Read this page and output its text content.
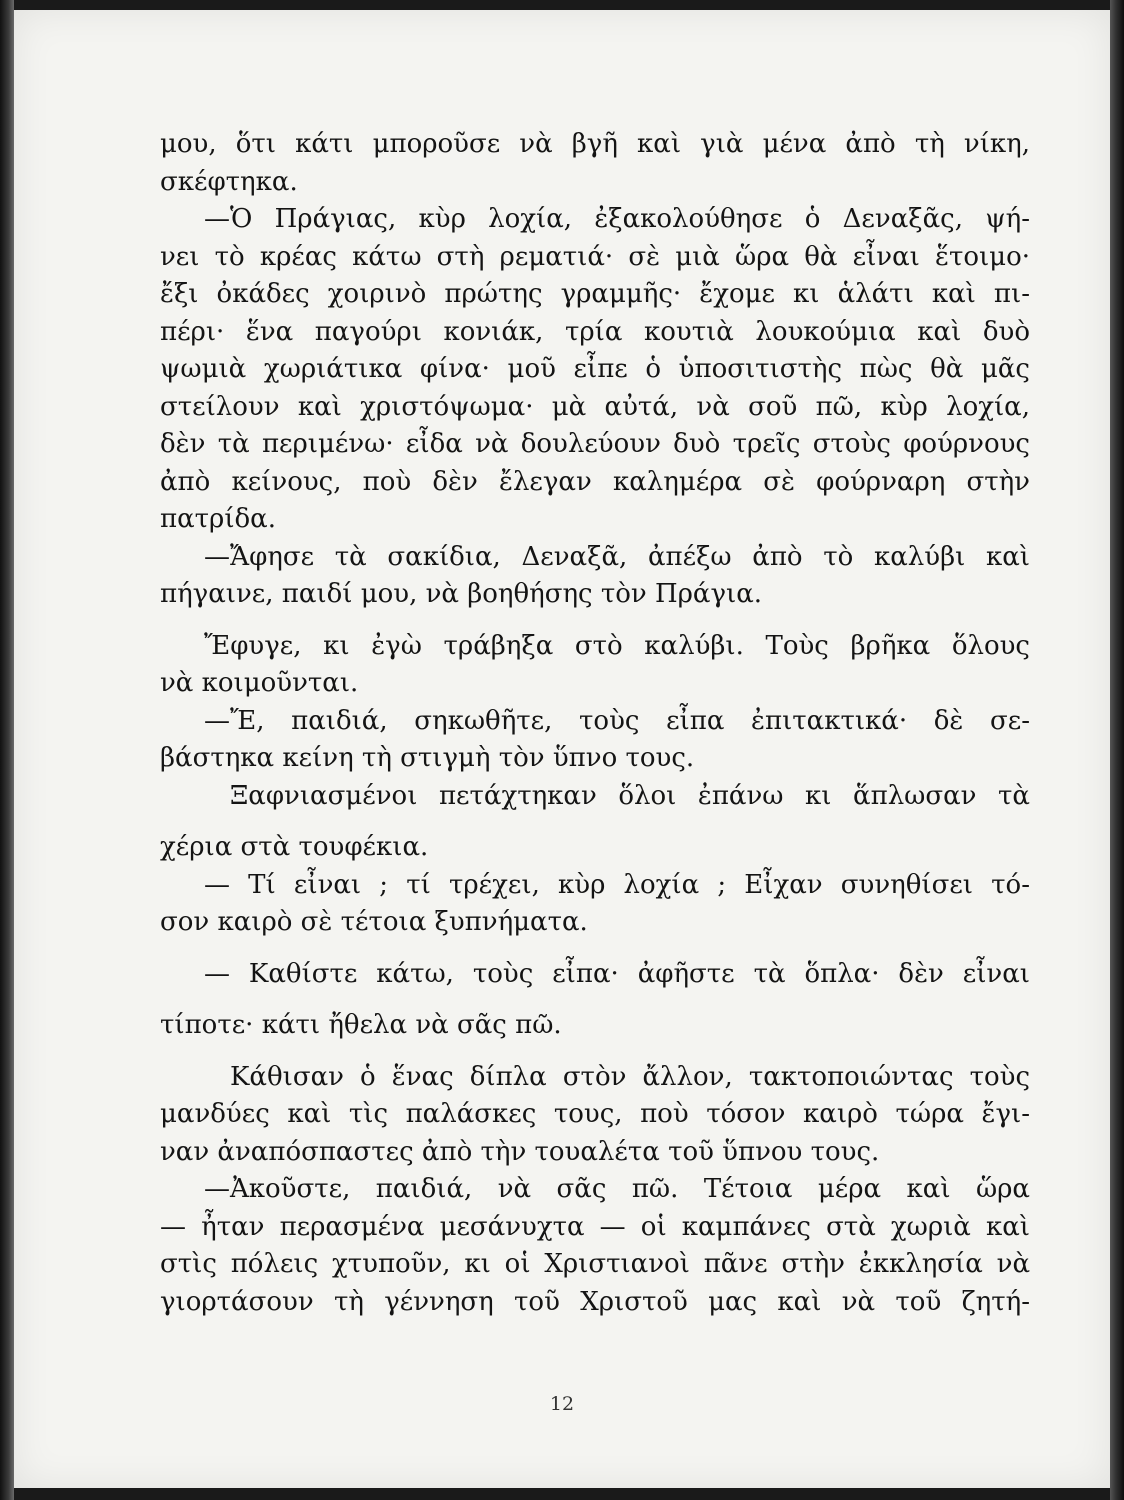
μου, ὅτι κάτι μποροῦσε νὰ βγῆ καὶ γιὰ μένα ἀπὸ τὴ νίκη,
σκέφτηκα.
—Ὁ Πράγιας, κὺρ λοχία, ἐξακολούθησε ὁ Δεναξᾶς, ψή-
νει τὸ κρέας κάτω στὴ ρεματιά· σὲ μιὰ ὥρα θὰ εἶναι ἕτοιμο·
ἔξι ὀκάδες χοιρινὸ πρώτης γραμμῆς· ἔχομε κι ἁλάτι καὶ πι-
πέρι· ἕνα παγούρι κονιάκ, τρία κουτιὰ λουκούμια καὶ δυὸ
ψωμιὰ χωριάτικα φίνα· μοῦ εἶπε ὁ ὑποσιτιστὴς πὼς θὰ μᾶς
στείλουν καὶ χριστόψωμα· μὰ αὐτά, νὰ σοῦ πῶ, κὺρ λοχία,
δὲν τὰ περιμένω· εἶδα νὰ δουλεύουν δυὸ τρεῖς στοὺς φούρνους
ἀπὸ κείνους, ποὺ δὲν ἔλεγαν καλημέρα σὲ φούρναρη στὴν
πατρίδα.
—Ἄφησε τὰ σακίδια, Δεναξᾶ, ἀπέξω ἀπὸ τὸ καλύβι καὶ
πήγαινε, παιδί μου, νὰ βοηθήσης τὸν Πράγια.
Ἔφυγε, κι ἐγὼ τράβηξα στὸ καλύβι. Τοὺς βρῆκα ὅλους
νὰ κοιμοῦνται.
—Ἔ, παιδιά, σηκωθῆτε, τοὺς εἶπα ἐπιτακτικά· δὲ σε-
βάστηκα κείνη τὴ στιγμὴ τὸν ὕπνο τους.
Ξαφνιασμένοι πετάχτηκαν ὅλοι ἐπάνω κι ἅπλωσαν τὰ
χέρια στὰ τουφέκια.
— Τί εἶναι ; τί τρέχει, κὺρ λοχία ; Εἶχαν συνηθίσει τό-
σον καιρὸ σὲ τέτοια ξυπνήματα.
— Καθίστε κάτω, τοὺς εἶπα· ἀφῆστε τὰ ὅπλα· δὲν εἶναι
τίποτε· κάτι ἤθελα νὰ σᾶς πῶ.
Κάθισαν ὁ ἕνας δίπλα στὸν ἄλλον, τακτοποιώντας τοὺς
μανδύες καὶ τὶς παλάσκες τους, ποὺ τόσον καιρὸ τώρα ἔγι-
ναν ἀναπόσπαστες ἀπὸ τὴν τουαλέτα τοῦ ὕπνου τους.
—Ἀκοῦστε, παιδιά, νὰ σᾶς πῶ. Τέτοια μέρα καὶ ὥρα
— ἦταν περασμένα μεσάνυχτα — οἱ καμπάνες στὰ χωριὰ καὶ
στὶς πόλεις χτυποῦν, κι οἱ Χριστιανοὶ πᾶνε στὴν ἐκκλησία νὰ
γιορτάσουν τὴ γέννηση τοῦ Χριστοῦ μας καὶ νὰ τοῦ ζητή-
12
